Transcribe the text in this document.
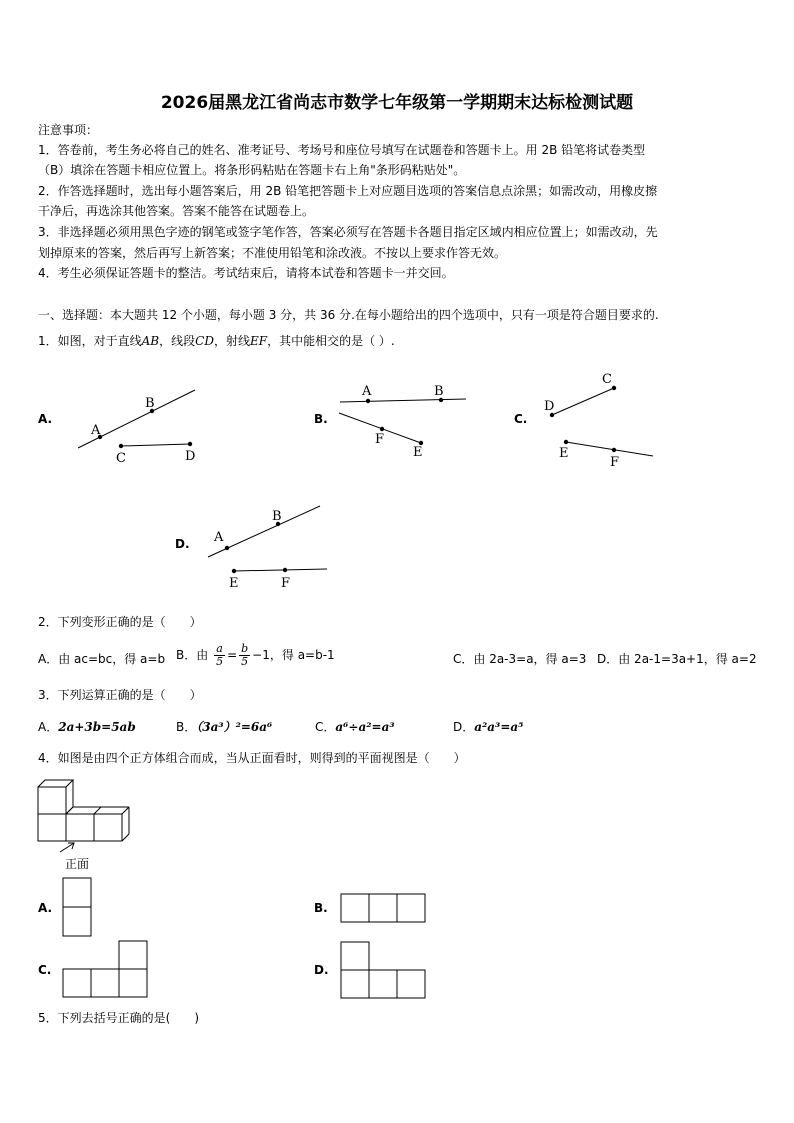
2026届黑龙江省尚志市数学七年级第一学期期末达标检测试题
注意事项：
1．答卷前，考生务必将自己的姓名、准考证号、考场号和座位号填写在试题卷和答题卡上。用 2B 铅笔将试卷类型
（B）填涂在答题卡相应位置上。将条形码粘贴在答题卡右上角"条形码粘贴处"。
2．作答选择题时，选出每小题答案后，用 2B 铅笔把答题卡上对应题目选项的答案信息点涂黑；如需改动，用橡皮擦
干净后，再选涂其他答案。答案不能答在试题卷上。
3．非选择题必须用黑色字迹的钢笔或签字笔作答，答案必须写在答题卡各题目指定区域内相应位置上；如需改动，先
划掉原来的答案，然后再写上新答案；不准使用铅笔和涂改液。不按以上要求作答无效。
4．考生必须保证答题卡的整洁。考试结束后，请将本试卷和答题卡一并交回。
一、选择题：本大题共 12 个小题，每小题 3 分，共 36 分.在每小题给出的四个选项中，只有一项是符合题目要求的.
1．如图，对于直线AB，线段CD，射线EF，其中能相交的是（ ）.
A.	B.	C.
D.
A
B
C	D
A	B
F
E
D
C
E
F
A
B
E	F
2．下列变形正确的是（　　）
A．由 ac=bc，得 a=b B．由 $\frac{a}{5} = \frac{b}{5} -1$，得 a=b-1	C．由 2a-3=a，得 a=3 D．由 2a-1=3a+1，得 a=2
3．下列运算正确的是（　　）
A．2a+3b=5ab	B．（3a³）²=6a⁶	C．a⁶÷a²=a³	D．a²a³=a⁵
4．如图是由四个正方体组合而成，当从正面看时，则得到的平面视图是（　　）
正面
A.	B.
C.	D.
5．下列去括号正确的是(　　)
